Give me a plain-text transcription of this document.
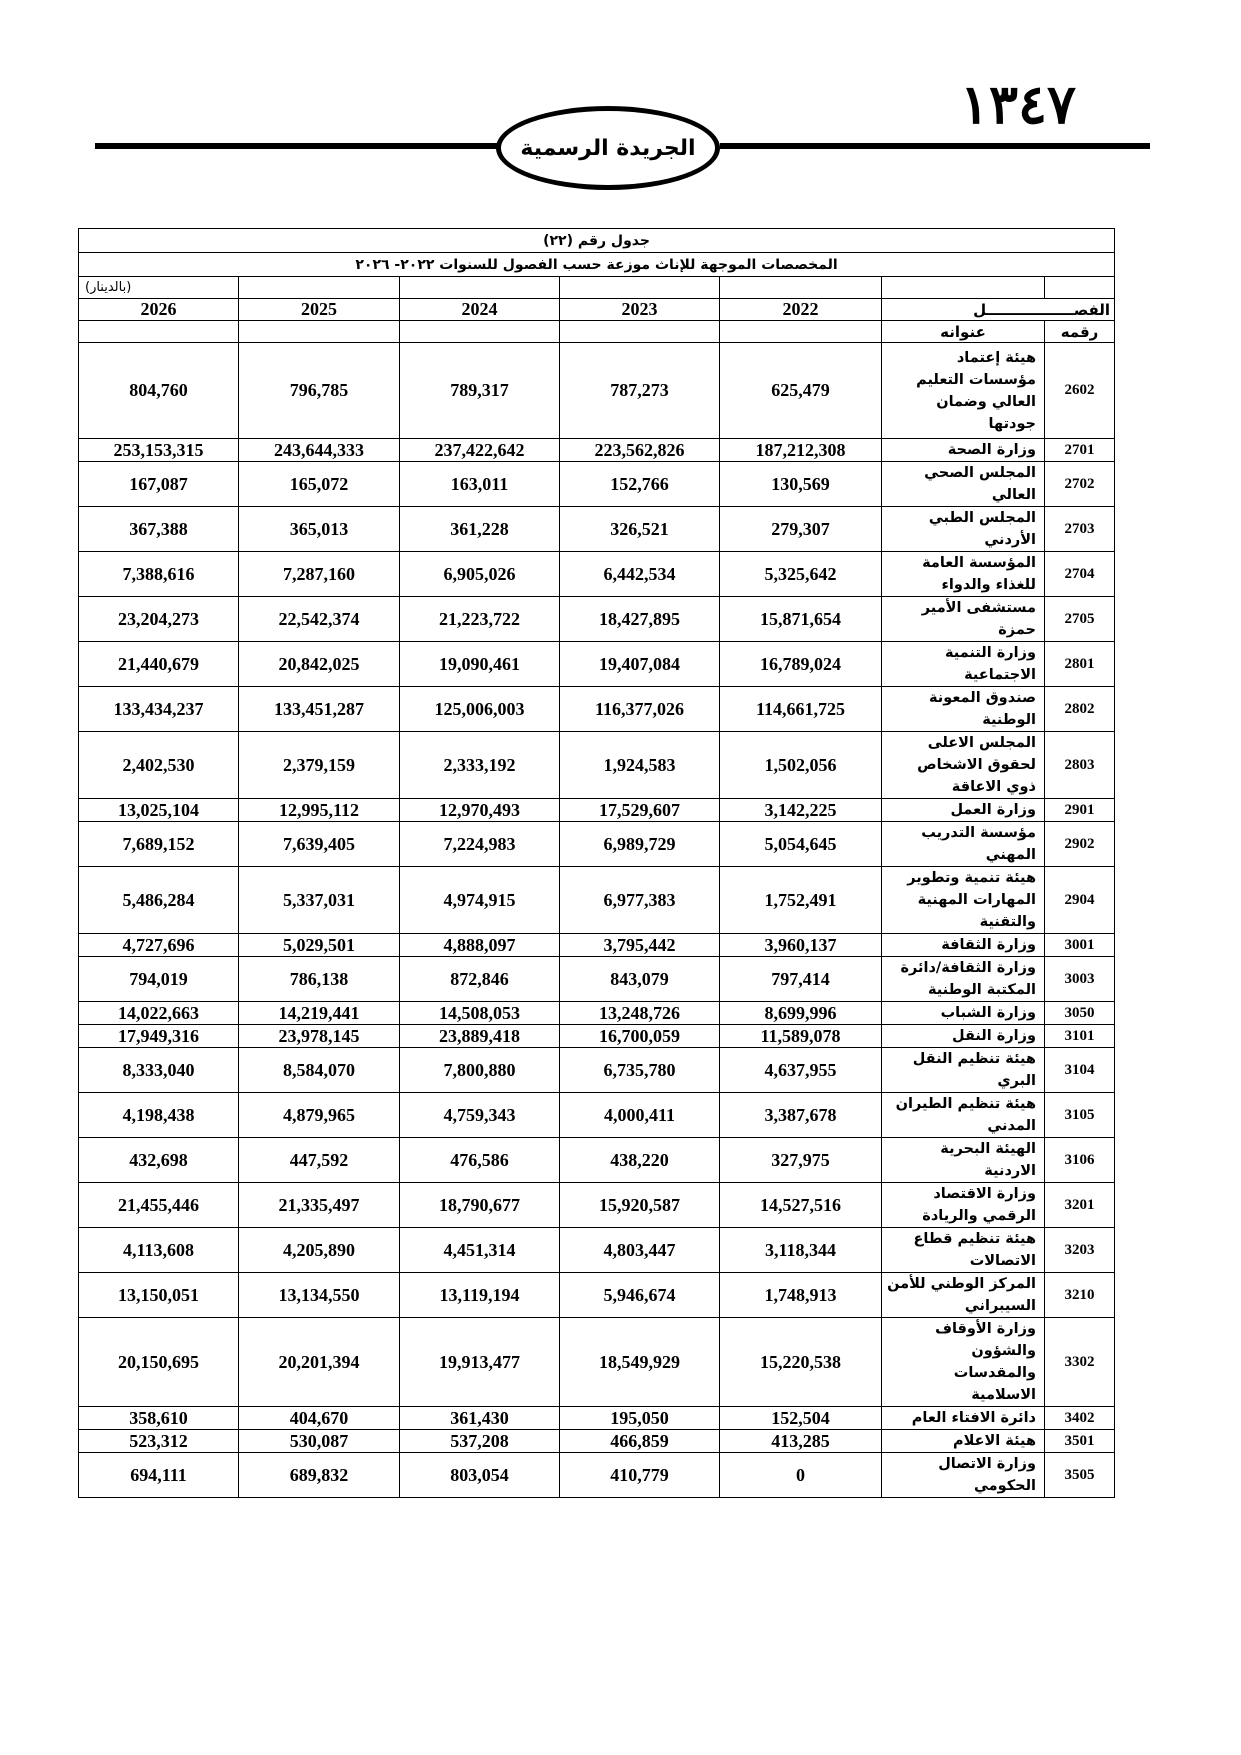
١٣٤٧
الجريدة الرسمية
جدول رقم (٢٢)						
المخصصات الموجهة للإناث موزعة حسب الفصول للسنوات ٢٠٢٢- ٢٠٢٦						
(بالدينار)						
2026	2025	2024	2023	2022	الفصـــــــــــــــــل	
					عنوانه	رقمه
804,760	796,785	789,317	787,273	625,479	هيئة إعتماد مؤسسات التعليم العالي وضمان جودتها	2602
253,153,315	243,644,333	237,422,642	223,562,826	187,212,308	وزارة الصحة	2701
167,087	165,072	163,011	152,766	130,569	المجلس الصحي العالي	2702
367,388	365,013	361,228	326,521	279,307	المجلس الطبي الأردني	2703
7,388,616	7,287,160	6,905,026	6,442,534	5,325,642	المؤسسة العامة للغذاء والدواء	2704
23,204,273	22,542,374	21,223,722	18,427,895	15,871,654	مستشفى الأمير حمزة	2705
21,440,679	20,842,025	19,090,461	19,407,084	16,789,024	وزارة التنمية الاجتماعية	2801
133,434,237	133,451,287	125,006,003	116,377,026	114,661,725	صندوق المعونة الوطنية	2802
2,402,530	2,379,159	2,333,192	1,924,583	1,502,056	المجلس الاعلى لحقوق الاشخاص ذوي الاعاقة	2803
13,025,104	12,995,112	12,970,493	17,529,607	3,142,225	وزارة العمل	2901
7,689,152	7,639,405	7,224,983	6,989,729	5,054,645	مؤسسة التدريب المهني	2902
5,486,284	5,337,031	4,974,915	6,977,383	1,752,491	هيئة تنمية وتطوير المهارات المهنية والتقنية	2904
4,727,696	5,029,501	4,888,097	3,795,442	3,960,137	وزارة الثقافة	3001
794,019	786,138	872,846	843,079	797,414	وزارة الثقافة/دائرة المكتبة الوطنية	3003
14,022,663	14,219,441	14,508,053	13,248,726	8,699,996	وزارة الشباب	3050
17,949,316	23,978,145	23,889,418	16,700,059	11,589,078	وزارة النقل	3101
8,333,040	8,584,070	7,800,880	6,735,780	4,637,955	هيئة تنظيم النقل البري	3104
4,198,438	4,879,965	4,759,343	4,000,411	3,387,678	هيئة تنظيم الطيران المدني	3105
432,698	447,592	476,586	438,220	327,975	الهيئة البحرية الاردنية	3106
21,455,446	21,335,497	18,790,677	15,920,587	14,527,516	وزارة الاقتصاد الرقمي والريادة	3201
4,113,608	4,205,890	4,451,314	4,803,447	3,118,344	هيئة تنظيم قطاع الاتصالات	3203
13,150,051	13,134,550	13,119,194	5,946,674	1,748,913	المركز الوطني للأمن السيبراني	3210
20,150,695	20,201,394	19,913,477	18,549,929	15,220,538	وزارة الأوقاف والشؤون والمقدسات الاسلامية	3302
358,610	404,670	361,430	195,050	152,504	دائرة الافتاء العام	3402
523,312	530,087	537,208	466,859	413,285	هيئة الاعلام	3501
694,111	689,832	803,054	410,779	0	وزارة الاتصال الحكومي	3505
